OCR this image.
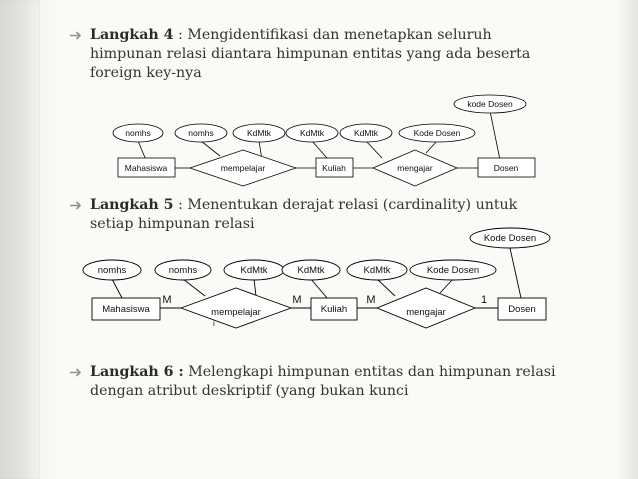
Langkah 4 : Mengidentifikasi dan menetapkan seluruh himpunan relasi diantara himpunan entitas yang ada beserta foreign key-nya
Langkah 5 : Menentukan derajat relasi (cardinality) untuk setiap himpunan relasi
Langkah 6 : Melengkapi himpunan entitas dan himpunan relasi dengan atribut deskriptif (yang bukan kunci
nomhs	nomhs	KdMtk	KdMtk	KdMtk	Kode Dosen
kode Dosen
Mahasiswa	Kuliah	Dosen
mempelajar	mengajar
nomhs	nomhs	KdMtk	KdMtk	KdMtk	Kode Dosen
Kode Dosen
Mahasiswa	Kuliah	Dosen
mempelajar
i
mengajar
M	M	M	1
